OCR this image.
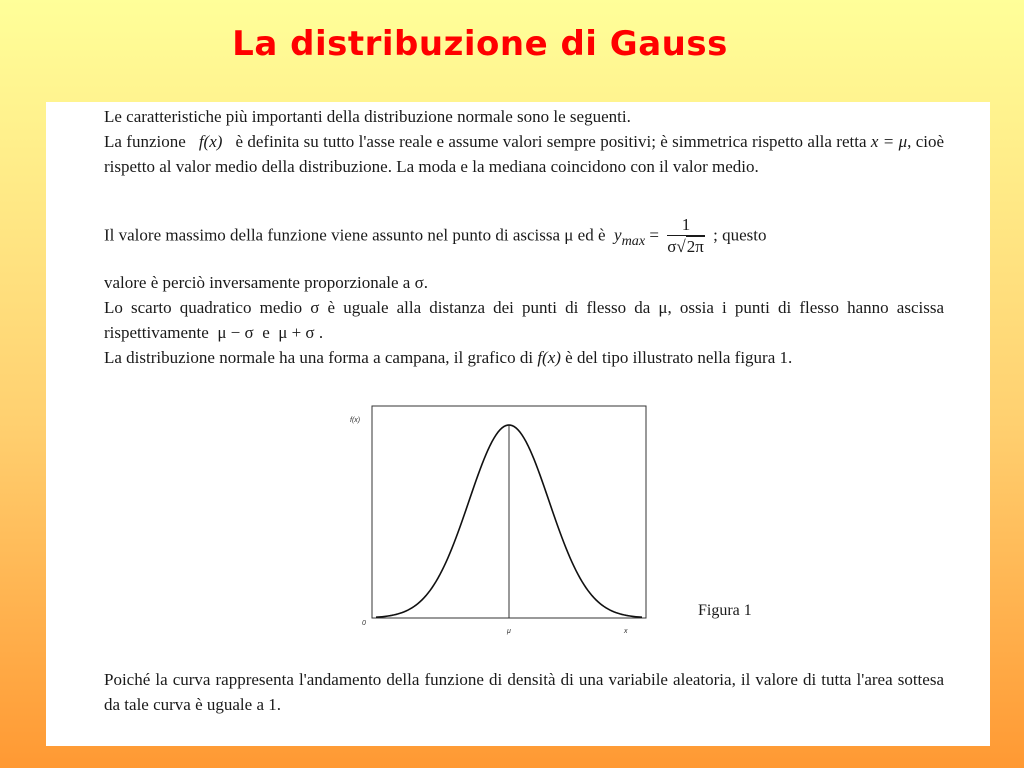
La distribuzione di Gauss

Le caratteristiche più importanti della distribuzione normale sono le seguenti.

La funzione f(x) è definita su tutto l'asse reale e assume valori sempre positivi; è simmetrica rispetto alla retta x = μ, cioè rispetto al valor medio della distribuzione. La moda e la mediana coincidono con il valor medio.

Il valore massimo della funzione viene assunto nel punto di ascissa μ ed è $y_{max} = \frac{1}{\sigma√2\pi}$ ; questo

valore è perciò inversamente proporzionale a σ.

Lo scarto quadratico medio σ è uguale alla distanza dei punti di flesso da μ, ossia i punti di flesso hanno ascissa rispettivamente μ − σ e μ + σ .

La distribuzione normale ha una forma a campana, il grafico di f(x) è del tipo illustrato nella figura 1.

f(x)
0
μ	x
Figura 1

Poiché la curva rappresenta l'andamento della funzione di densità di una variabile aleatoria, il valore di tutta l'area sottesa da tale curva è uguale a 1.
